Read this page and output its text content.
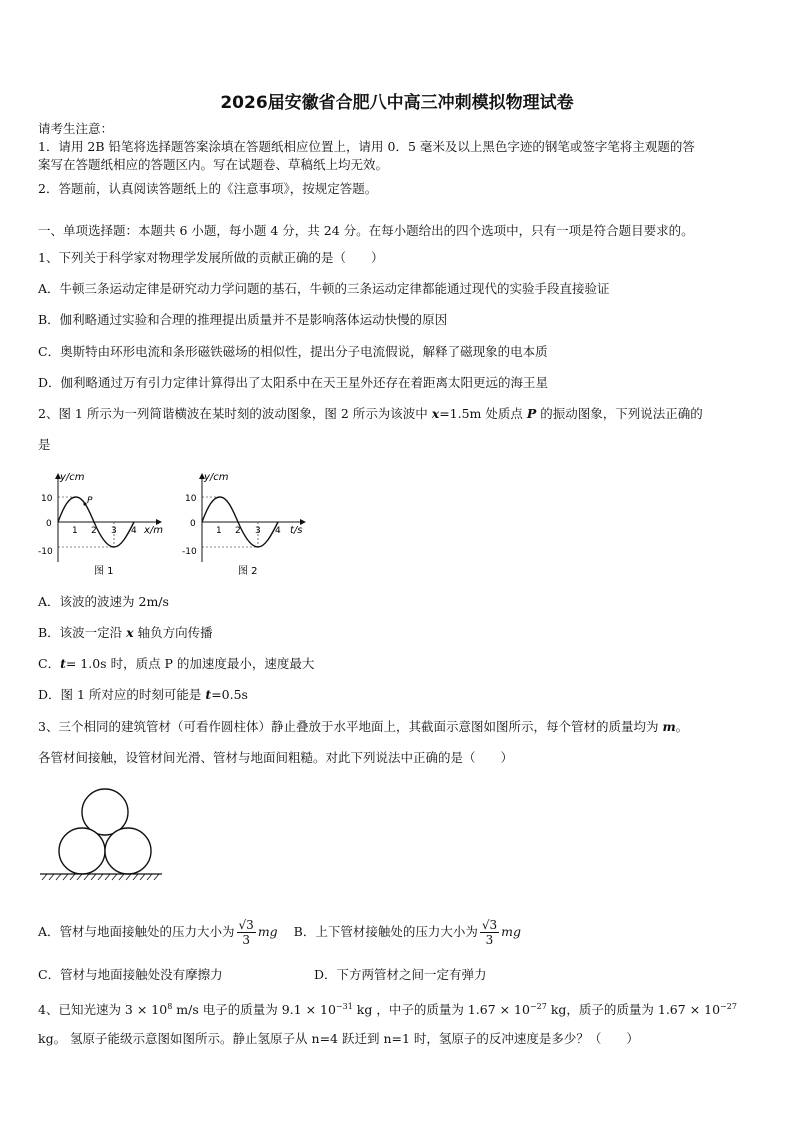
2026届安徽省合肥八中高三冲刺模拟物理试卷
请考生注意：
1．请用 2B 铅笔将选择题答案涂填在答题纸相应位置上，请用 0．5 毫米及以上黑色字迹的钢笔或签字笔将主观题的答
案写在答题纸相应的答题区内。写在试题卷、草稿纸上均无效。
2．答题前，认真阅读答题纸上的《注意事项》，按规定答题。
一、单项选择题：本题共 6 小题，每小题 4 分，共 24 分。在每小题给出的四个选项中，只有一项是符合题目要求的。
1、下列关于科学家对物理学发展所做的贡献正确的是（　　）
A．牛顿三条运动定律是研究动力学问题的基石，牛顿的三条运动定律都能通过现代的实验手段直接验证
B．伽利略通过实验和合理的推理提出质量并不是影响落体运动快慢的原因
C．奥斯特由环形电流和条形磁铁磁场的相似性，提出分子电流假说，解释了磁现象的电本质
D．伽利略通过万有引力定律计算得出了太阳系中在天王星外还存在着距离太阳更远的海王星
2、图 1 所示为一列简谐横波在某时刻的波动图象，图 2 所示为该波中 x=1.5m 处质点 P 的振动图象，下列说法正确的
是
y/cm
x/m
10
0
-10
1 2 3 4
P
图 1
y/cm
t/s
10
0
-10
1 2 3 4
图 2
A．该波的波速为 2m/s
B．该波一定沿 x 轴负方向传播
C．t= 1.0s 时，质点 P 的加速度最小，速度最大
D．图 1 所对应的时刻可能是 t=0.5s
3、三个相同的建筑管材（可看作圆柱体）静止叠放于水平地面上，其截面示意图如图所示，每个管材的质量均为 m。
各管材间接触，设管材间光滑、管材与地面间粗糙。对此下列说法中正确的是（　　）
A．管材与地面接触处的压力大小为 $\frac{√3}{3}$ mg B．上下管材接触处的压力大小为 $\frac{√3}{3}$ mg
C．管材与地面接触处没有摩擦力	D．下方两管材之间一定有弹力
4、已知光速为 $3 \times 10^8$ m/s 电子的质量为 $9.1 \times 10^{-31}$ kg ，中子的质量为 $1.67 \times 10^{-27}$ kg，质子的质量为 $1.67 \times 10^{-27}$
kg。 氢原子能级示意图如图所示。静止氢原子从 n=4 跃迁到 n=1 时，氢原子的反冲速度是多少？（　　）
